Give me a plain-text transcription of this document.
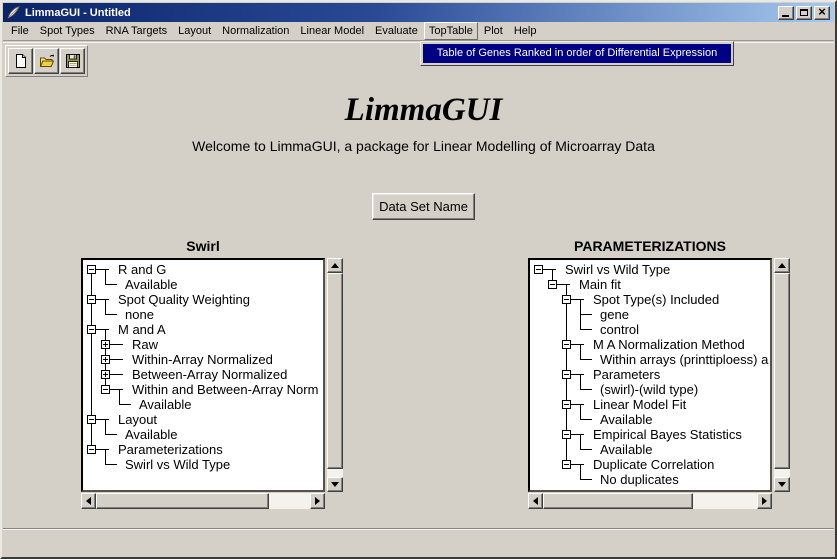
LimmaGUI - Untitled	×
File	Spot Types	RNA Targets	Layout	Normalization	Linear Model	Evaluate	TopTable	Plot	Help
Table of Genes Ranked in order of Differential Expression
LimmaGUI
Welcome to LimmaGUI, a package for Linear Modelling of Microarray Data
Data Set Name
Swirl
R and G
Available
Spot Quality Weighting
none
M and A
Raw
Within-Array Normalized
Between-Array Normalized
Within and Between-Array Norm
Available
Layout
Available
Parameterizations
Swirl vs Wild Type
PARAMETERIZATIONS
Swirl vs Wild Type
Main fit
Spot Type(s) Included
gene
control
M A Normalization Method
Within arrays (printtiploess) a
Parameters
(swirl)-(wild type)
Linear Model Fit
Available
Empirical Bayes Statistics
Available
Duplicate Correlation
No duplicates
